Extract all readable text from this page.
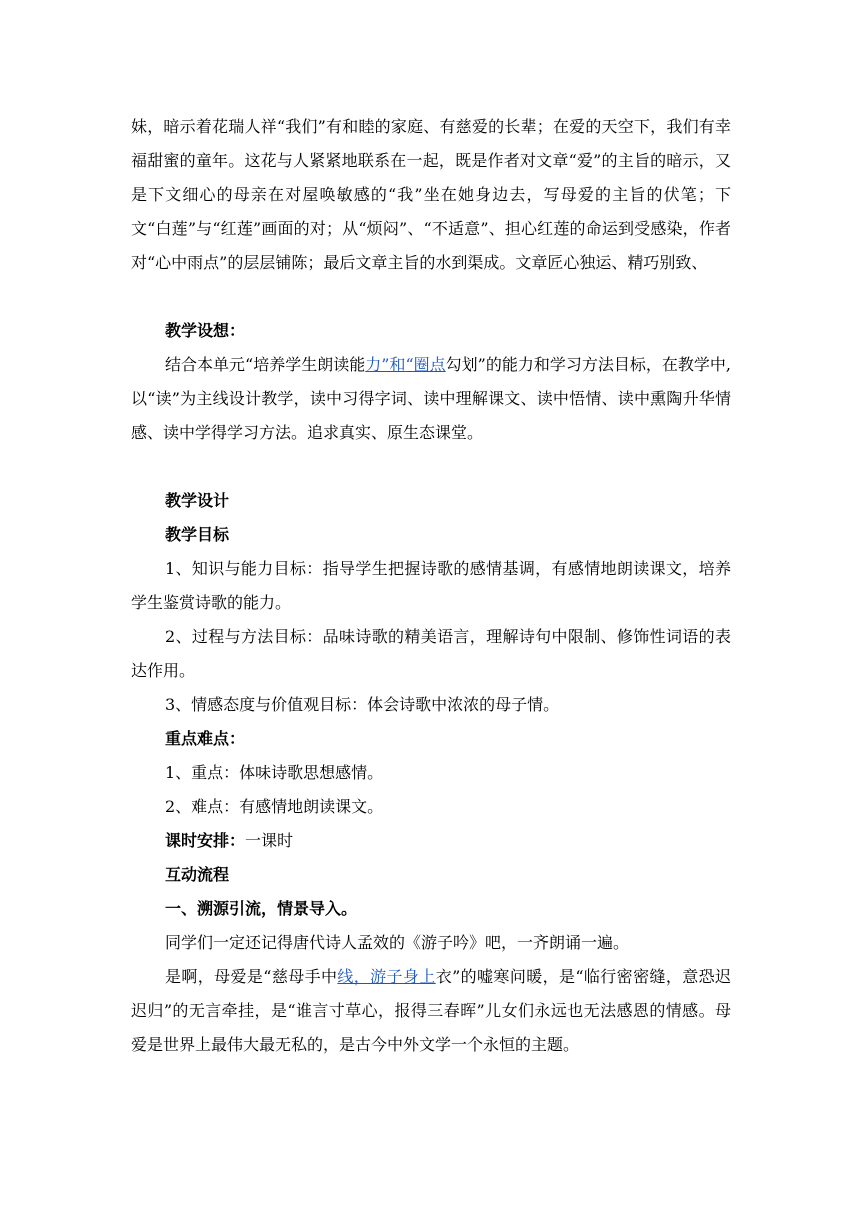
妹，暗示着花瑞人祥“我们”有和睦的家庭、有慈爱的长辈；在爱的天空下，我们有幸福甜蜜的童年。这花与人紧紧地联系在一起，既是作者对文章“爱”的主旨的暗示，又是下文细心的母亲在对屋唤敏感的“我”坐在她身边去，写母爱的主旨的伏笔；下文“白莲”与“红莲”画面的对；从“烦闷”、“不适意”、担心红莲的命运到受感染，作者对“心中雨点”的层层铺陈；最后文章主旨的水到渠成。文章匠心独运、精巧别致、

教学设想：

结合本单元“培养学生朗读能力”和“圈点勾划”的能力和学习方法目标，在教学中,以“读”为主线设计教学，读中习得字词、读中理解课文、读中悟情、读中熏陶升华情感、读中学得学习方法。追求真实、原生态课堂。

教学设计

教学目标

1、知识与能力目标：指导学生把握诗歌的感情基调，有感情地朗读课文，培养学生鉴赏诗歌的能力。

2、过程与方法目标：品味诗歌的精美语言，理解诗句中限制、修饰性词语的表达作用。

3、情感态度与价值观目标：体会诗歌中浓浓的母子情。

重点难点：

1、重点：体味诗歌思想感情。

2、难点：有感情地朗读课文。

课时安排：一课时

互动流程

一、溯源引流，情景导入。

同学们一定还记得唐代诗人孟效的《游子吟》吧，一齐朗诵一遍。

是啊，母爱是“慈母手中线，游子身上衣”的嘘寒问暖，是“临行密密缝，意恐迟迟归”的无言牵挂，是“谁言寸草心，报得三春晖”儿女们永远也无法感恩的情感。母爱是世界上最伟大最无私的，是古今中外文学一个永恒的主题。
